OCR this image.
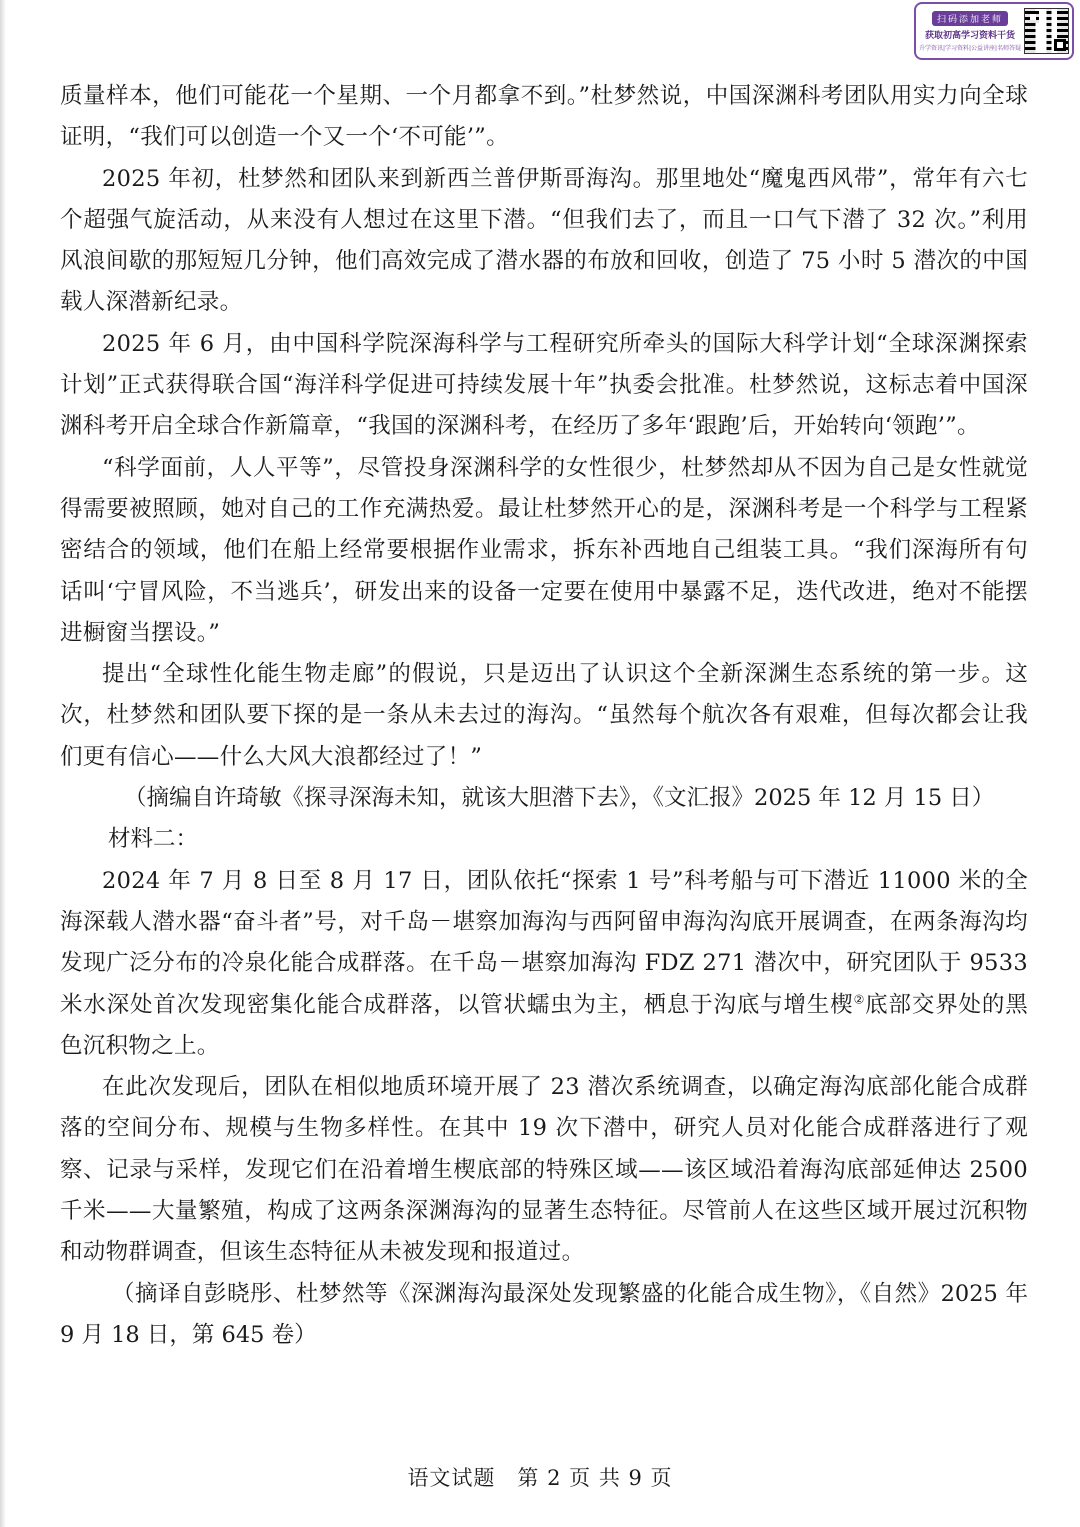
扫码添加老师
获取初高学习资料干货
升学资讯|学习资料|公益讲座|名师答疑

质量样本，他们可能花一个星期、一个月都拿不到。”杜梦然说，中国深渊科考团队用实力向全球证明，“我们可以创造一个又一个‘不可能’”。

2025 年初，杜梦然和团队来到新西兰普伊斯哥海沟。那里地处“魔鬼西风带”，常年有六七个超强气旋活动，从来没有人想过在这里下潜。“但我们去了，而且一口气下潜了 32 次。”利用风浪间歇的那短短几分钟，他们高效完成了潜水器的布放和回收，创造了 75 小时 5 潜次的中国载人深潜新纪录。

2025 年 6 月，由中国科学院深海科学与工程研究所牵头的国际大科学计划“全球深渊探索计划”正式获得联合国“海洋科学促进可持续发展十年”执委会批准。杜梦然说，这标志着中国深渊科考开启全球合作新篇章，“我国的深渊科考，在经历了多年‘跟跑’后，开始转向‘领跑’”。

“科学面前，人人平等”，尽管投身深渊科学的女性很少，杜梦然却从不因为自己是女性就觉得需要被照顾，她对自己的工作充满热爱。最让杜梦然开心的是，深渊科考是一个科学与工程紧密结合的领域，他们在船上经常要根据作业需求，拆东补西地自己组装工具。“我们深海所有句话叫‘宁冒风险，不当逃兵’，研发出来的设备一定要在使用中暴露不足，迭代改进，绝对不能摆进橱窗当摆设。”

提出“全球性化能生物走廊”的假说，只是迈出了认识这个全新深渊生态系统的第一步。这次，杜梦然和团队要下探的是一条从未去过的海沟。“虽然每个航次各有艰难，但每次都会让我们更有信心——什么大风大浪都经过了！”

（摘编自许琦敏《探寻深海未知，就该大胆潜下去》，《文汇报》2025 年 12 月 15 日）

材料二：

2024 年 7 月 8 日至 8 月 17 日，团队依托“探索 1 号”科考船与可下潜近 11000 米的全海深载人潜水器“奋斗者”号，对千岛－堪察加海沟与西阿留申海沟沟底开展调查，在两条海沟均发现广泛分布的冷泉化能合成群落。在千岛－堪察加海沟 FDZ 271 潜次中，研究团队于 9533 米水深处首次发现密集化能合成群落，以管状蠕虫为主，栖息于沟底与增生楔②底部交界处的黑色沉积物之上。

在此次发现后，团队在相似地质环境开展了 23 潜次系统调查，以确定海沟底部化能合成群落的空间分布、规模与生物多样性。在其中 19 次下潜中，研究人员对化能合成群落进行了观察、记录与采样，发现它们在沿着增生楔底部的特殊区域——该区域沿着海沟底部延伸达 2500 千米——大量繁殖，构成了这两条深渊海沟的显著生态特征。尽管前人在这些区域开展过沉积物和动物群调查，但该生态特征从未被发现和报道过。

（摘译自彭晓彤、杜梦然等《深渊海沟最深处发现繁盛的化能合成生物》，《自然》2025 年 9 月 18 日，第 645 卷）

语文试题　第 2 页 共 9 页
